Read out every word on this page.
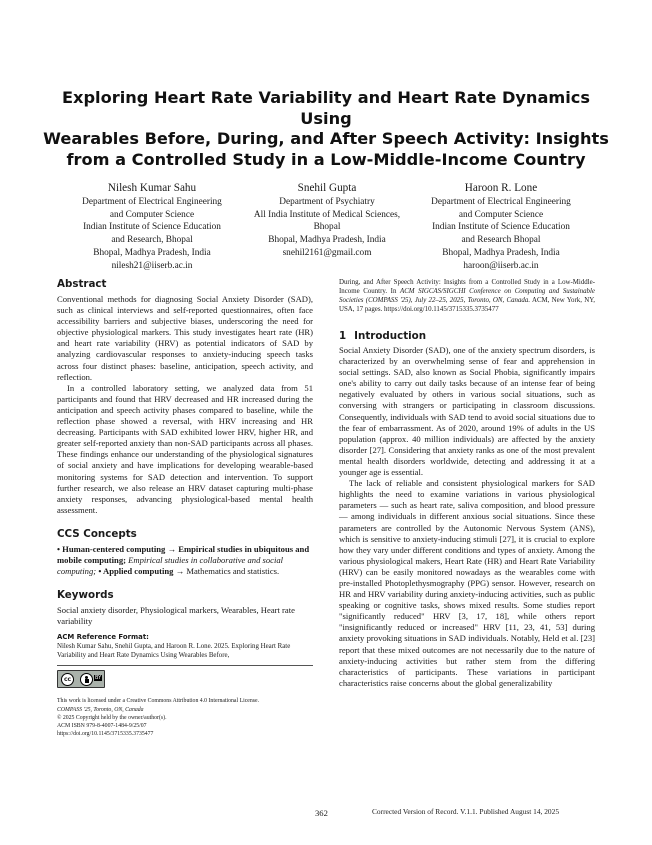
Exploring Heart Rate Variability and Heart Rate Dynamics Using
Wearables Before, During, and After Speech Activity: Insights
from a Controlled Study in a Low-Middle-Income Country
Nilesh Kumar Sahu
Department of Electrical Engineering
and Computer Science
Indian Institute of Science Education
and Research, Bhopal
Bhopal, Madhya Pradesh, India
nilesh21@iiserb.ac.in
Snehil Gupta
Department of Psychiatry
All India Institute of Medical Sciences,
Bhopal
Bhopal, Madhya Pradesh, India
snehil2161@gmail.com
Haroon R. Lone
Department of Electrical Engineering
and Computer Science
Indian Institute of Science Education
and Research Bhopal
Bhopal, Madhya Pradesh, India
haroon@iiserb.ac.in
Abstract

Conventional methods for diagnosing Social Anxiety Disorder (SAD), such as clinical interviews and self-reported questionnaires, often face accessibility barriers and subjective biases, underscoring the need for objective physiological markers. This study investigates heart rate (HR) and heart rate variability (HRV) as potential indicators of SAD by analyzing cardiovascular responses to anxiety-inducing speech tasks across four distinct phases: baseline, anticipation, speech activity, and reflection.

In a controlled laboratory setting, we analyzed data from 51 participants and found that HRV decreased and HR increased during the anticipation and speech activity phases compared to baseline, while the reflection phase showed a reversal, with HRV increasing and HR decreasing. Participants with SAD exhibited lower HRV, higher HR, and greater self-reported anxiety than non-SAD participants across all phases. These findings enhance our understanding of the physiological signatures of social anxiety and have implications for developing wearable-based monitoring systems for SAD detection and intervention. To support further research, we also release an HRV dataset capturing multi-phase anxiety responses, advancing physiological-based mental health assessment.

CCS Concepts

• Human-centered computing → Empirical studies in ubiquitous and mobile computing; Empirical studies in collaborative and social computing; • Applied computing → Mathematics and statistics.

Keywords

Social anxiety disorder, Physiological markers, Wearables, Heart rate variability

ACM Reference Format:
Nilesh Kumar Sahu, Snehil Gupta, and Haroon R. Lone. 2025. Exploring Heart Rate Variability and Heart Rate Dynamics Using Wearables Before,
cc	BY
This work is licensed under a Creative Commons Attribution 4.0 International License.
COMPASS '25, Toronto, ON, Canada
© 2025 Copyright held by the owner/author(s).
ACM ISBN 979-8-4007-1484-9/25/07
https://doi.org/10.1145/3715335.3735477
During, and After Speech Activity: Insights from a Controlled Study in a Low-Middle-Income Country. In ACM SIGCAS/SIGCHI Conference on Computing and Sustainable Societies (COMPASS '25), July 22–25, 2025, Toronto, ON, Canada. ACM, New York, NY, USA, 17 pages. https://doi.org/10.1145/3715335.3735477
1 Introduction

Social Anxiety Disorder (SAD), one of the anxiety spectrum disorders, is characterized by an overwhelming sense of fear and apprehension in social settings. SAD, also known as Social Phobia, significantly impairs one's ability to carry out daily tasks because of an intense fear of being negatively evaluated by others in various social situations, such as conversing with strangers or participating in classroom discussions. Consequently, individuals with SAD tend to avoid social situations due to the fear of embarrassment. As of 2020, around 19% of adults in the US population (approx. 40 million individuals) are affected by the anxiety disorder [27]. Considering that anxiety ranks as one of the most prevalent mental health disorders worldwide, detecting and addressing it at a younger age is essential.

The lack of reliable and consistent physiological markers for SAD highlights the need to examine variations in various physiological parameters — such as heart rate, saliva composition, and blood pressure — among individuals in different anxious social situations. Since these parameters are controlled by the Autonomic Nervous System (ANS), which is sensitive to anxiety-inducing stimuli [27], it is crucial to explore how they vary under different conditions and types of anxiety. Among the various physiological makers, Heart Rate (HR) and Heart Rate Variability (HRV) can be easily monitored nowadays as the wearables come with pre-installed Photoplethysmography (PPG) sensor. However, research on HR and HRV variability during anxiety-inducing activities, such as public speaking or cognitive tasks, shows mixed results. Some studies report "significantly reduced" HRV [3, 17, 18], while others report "insignificantly reduced or increased" HRV [11, 23, 41, 53] during anxiety provoking situations in SAD individuals. Notably, Held et al. [23] report that these mixed outcomes are not necessarily due to the nature of anxiety-inducing activities but rather stem from the differing characteristics of participants. These variations in participant characteristics raise concerns about the global generalizability

362	Corrected Version of Record. V.1.1. Published August 14, 2025
